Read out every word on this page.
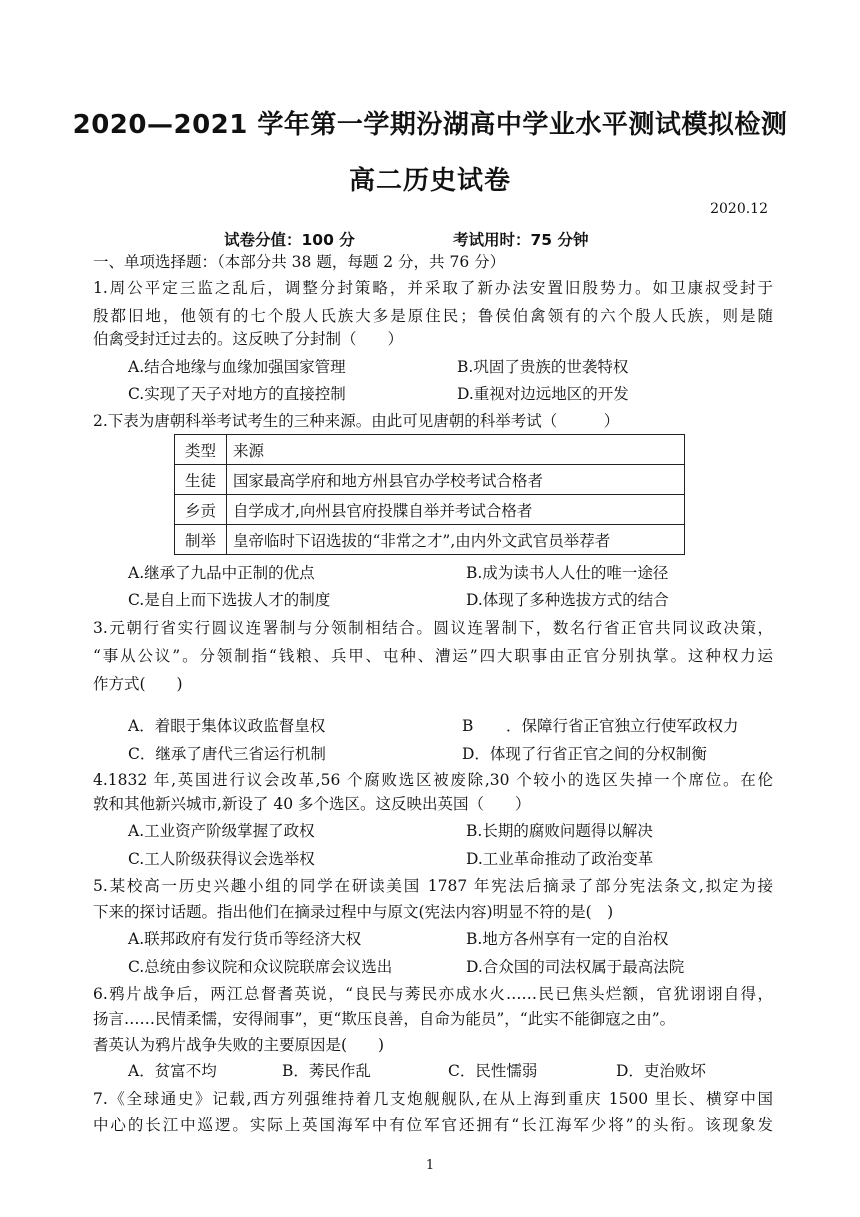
2020—2021 学年第一学期汾湖高中学业水平测试模拟检测
高二历史试卷
2020.12
试卷分值：100 分	考试用时：75 分钟
一、单项选择题：（本部分共 38 题，每题 2 分，共 76 分）
1.周公平定三监之乱后，调整分封策略，并采取了新办法安置旧殷势力。如卫康叔受封于
殷都旧地，他领有的七个殷人氏族大多是原住民；鲁侯伯禽领有的六个殷人氏族，则是随
伯禽受封迁过去的。这反映了分封制（　　）
A.结合地缘与血缘加强国家管理	B.巩固了贵族的世袭特权
C.实现了天子对地方的直接控制	D.重视对边远地区的开发
2.下表为唐朝科举考试考生的三种来源。由此可见唐朝的科举考试（　　　）
类型	来源
生徒	国家最高学府和地方州县官办学校考试合格者
乡贡	自学成才,向州县官府投牒自举并考试合格者
制举	皇帝临时下诏选拔的“非常之才”,由内外文武官员举荐者
A.继承了九品中正制的优点	B.成为读书人人仕的唯一途径
C.是自上而下选拔人才的制度	D.体现了多种选拔方式的结合
3.元朝行省实行圆议连署制与分领制相结合。圆议连署制下，数名行省正官共同议政决策，
“事从公议”。分领制指“钱粮、兵甲、屯种、漕运”四大职事由正官分别执掌。这种权力运
作方式(　　)
A．着眼于集体议政监督皇权	B ．保障行省正官独立行使军政权力
C．继承了唐代三省运行机制	D．体现了行省正官之间的分权制衡
4.1832 年,英国进行议会改革,56 个腐败选区被废除,30 个较小的选区失掉一个席位。在伦
敦和其他新兴城市,新设了 40 多个选区。这反映出英国（　　）
A.工业资产阶级掌握了政权	B.长期的腐败问题得以解决
C.工人阶级获得议会选举权	D.工业革命推动了政治变革
5.某校高一历史兴趣小组的同学在研读美国 1787 年宪法后摘录了部分宪法条文,拟定为接
下来的探讨话题。指出他们在摘录过程中与原文(宪法内容)明显不符的是(　)
A.联邦政府有发行货币等经济大权	B.地方各州享有一定的自治权
C.总统由参议院和众议院联席会议选出	D.合众国的司法权属于最高法院
6.鸦片战争后，两江总督耆英说，“良民与莠民亦成水火……民已焦头烂额，官犹诩诩自得，
扬言……民情柔懦，安得闹事”，更“欺压良善，自命为能员”，“此实不能御寇之由”。
耆英认为鸦片战争失败的主要原因是(　　)
A．贫富不均	B．莠民作乱	C．民性懦弱	D．吏治败坏
7.《全球通史》记载,西方列强维持着几支炮舰舰队,在从上海到重庆 1500 里长、横穿中国
中心的长江中巡逻。实际上英国海军中有位军官还拥有“长江海军少将”的头衔。该现象发
1
